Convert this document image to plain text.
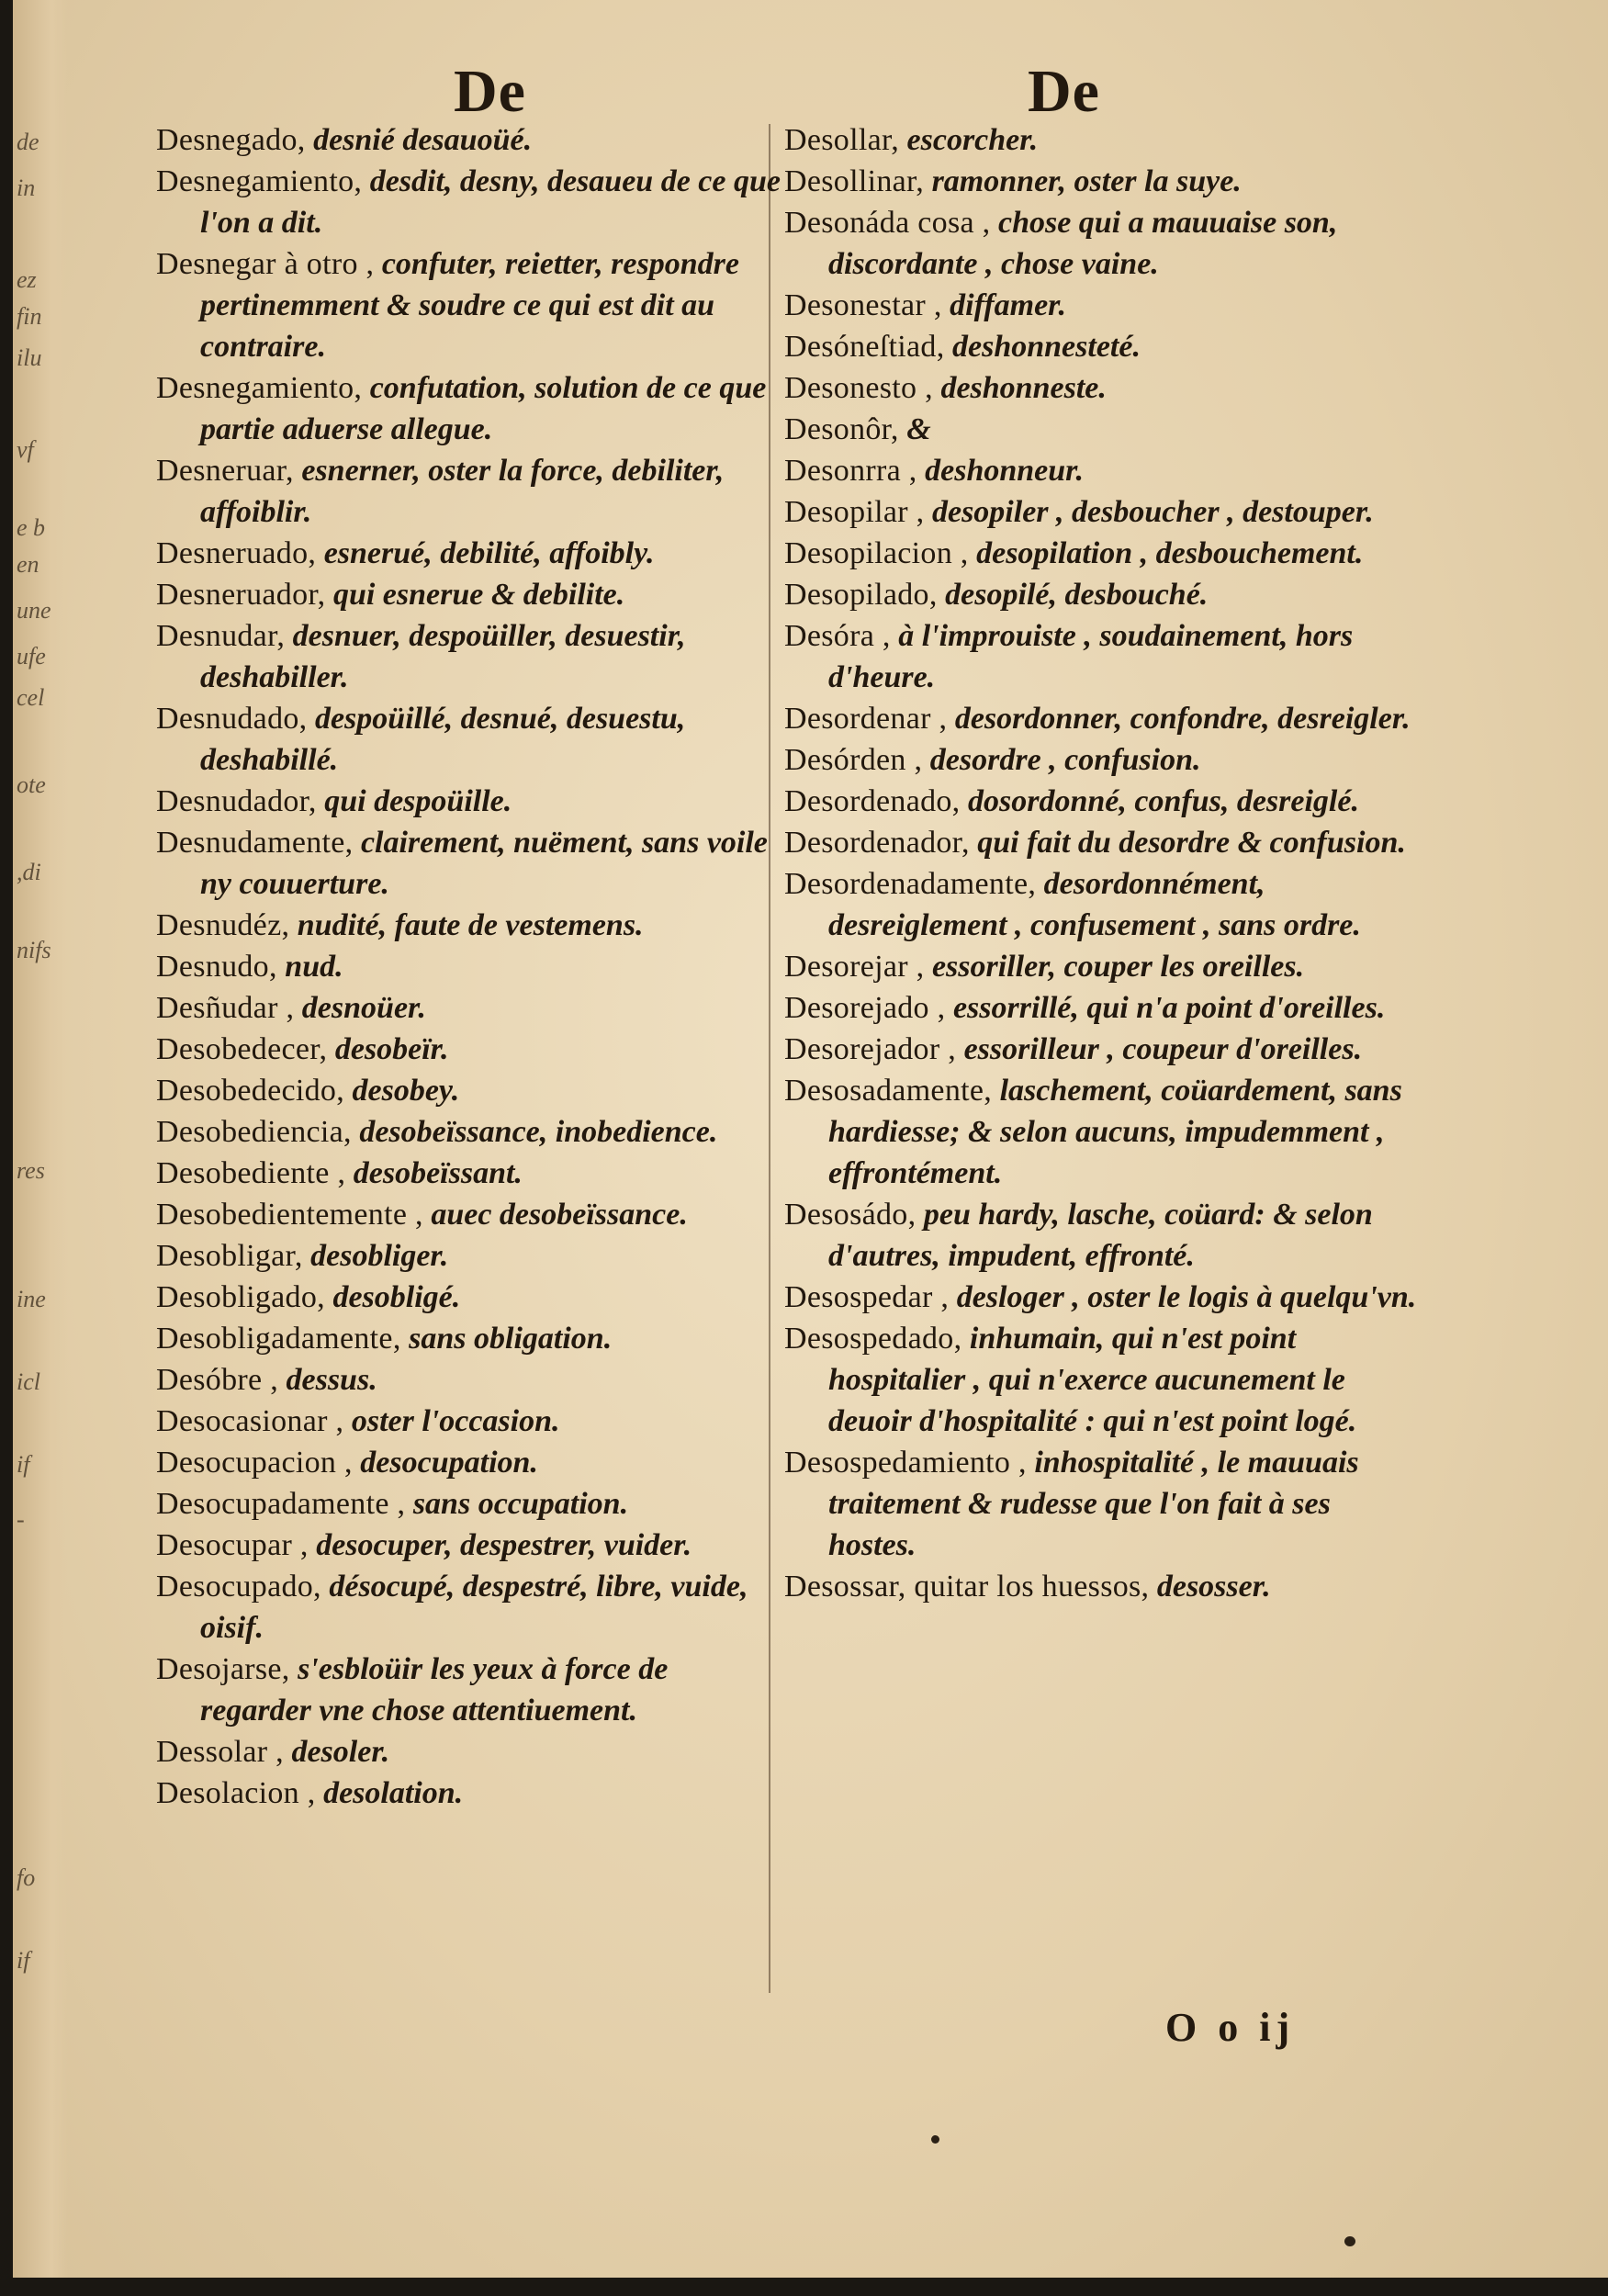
de
in
ez
fin
ilu
vf
e b
en
une
ufe
cel
ote
,di
nifs
res
ine
icl
if
-
fo
if
De	De
Desnegado, desnié desauoüé.
Desnegamiento, desdit, desny, desaueu de ce que l'on a dit.
Desnegar à otro , confuter, reietter, respondre pertinemment & soudre ce qui est dit au contraire.
Desnegamiento, confutation, solution de ce que partie aduerse allegue.
Desneruar, esnerner, oster la force, debiliter, affoiblir.
Desneruado, esnerué, debilité, affoibly.
Desneruador, qui esnerue & debilite.
Desnudar, desnuer, despoüiller, desuestir, deshabiller.
Desnudado, despoüillé, desnué, desuestu, deshabillé.
Desnudador, qui despoüille.
Desnudamente, clairement, nuëment, sans voile ny couuerture.
Desnudéz, nudité, faute de vestemens.
Desnudo, nud.
Desñudar , desnoüer.
Desobedecer, desobeïr.
Desobedecido, desobey.
Desobediencia, desobeïssance, inobedience.
Desobediente , desobeïssant.
Desobedientemente , auec desobeïssance.
Desobligar, desobliger.
Desobligado, desobligé.
Desobligadamente, sans obligation.
Desóbre , dessus.
Desocasionar , oster l'occasion.
Desocupacion , desocupation.
Desocupadamente , sans occupation.
Desocupar , desocuper, despestrer, vuider.
Desocupado, désocupé, despestré, libre, vuide, oisif.
Desojarse, s'esbloüir les yeux à force de regarder vne chose attentiuement.
Dessolar , desoler.
Desolacion , desolation.
Desollar, escorcher.
Desollinar, ramonner, oster la suye.
Desonáda cosa , chose qui a mauuaise son, discordante , chose vaine.
Desonestar , diffamer.
Desóneſtiad, deshonnesteté.
Desonesto , deshonneste.
Desonôr, &
Desonrra , deshonneur.
Desopilar , desopiler , desboucher , destouper.
Desopilacion , desopilation , desbouchement.
Desopilado, desopilé, desbouché.
Desóra , à l'improuiste , soudainement, hors d'heure.
Desordenar , desordonner, confondre, desreigler.
Desórden , desordre , confusion.
Desordenado, dosordonné, confus, desreiglé.
Desordenador, qui fait du desordre & confusion.
Desordenadamente, desordonnément, desreiglement , confusement , sans ordre.
Desorejar , essoriller, couper les oreilles.
Desorejado , essorrillé, qui n'a point d'oreilles.
Desorejador , essorilleur , coupeur d'oreilles.
Desosadamente, laschement, coüardement, sans hardiesse; & selon aucuns, impudemment , effrontément.
Desosádo, peu hardy, lasche, coüard: & selon d'autres, impudent, effronté.
Desospedar , desloger , oster le logis à quelqu'vn.
Desospedado, inhumain, qui n'est point hospitalier , qui n'exerce aucunement le deuoir d'hospitalité : qui n'est point logé.
Desospedamiento , inhospitalité , le mauuais traitement & rudesse que l'on fait à ses hostes.
Desossar, quitar los huessos, desosser.
O o ij
